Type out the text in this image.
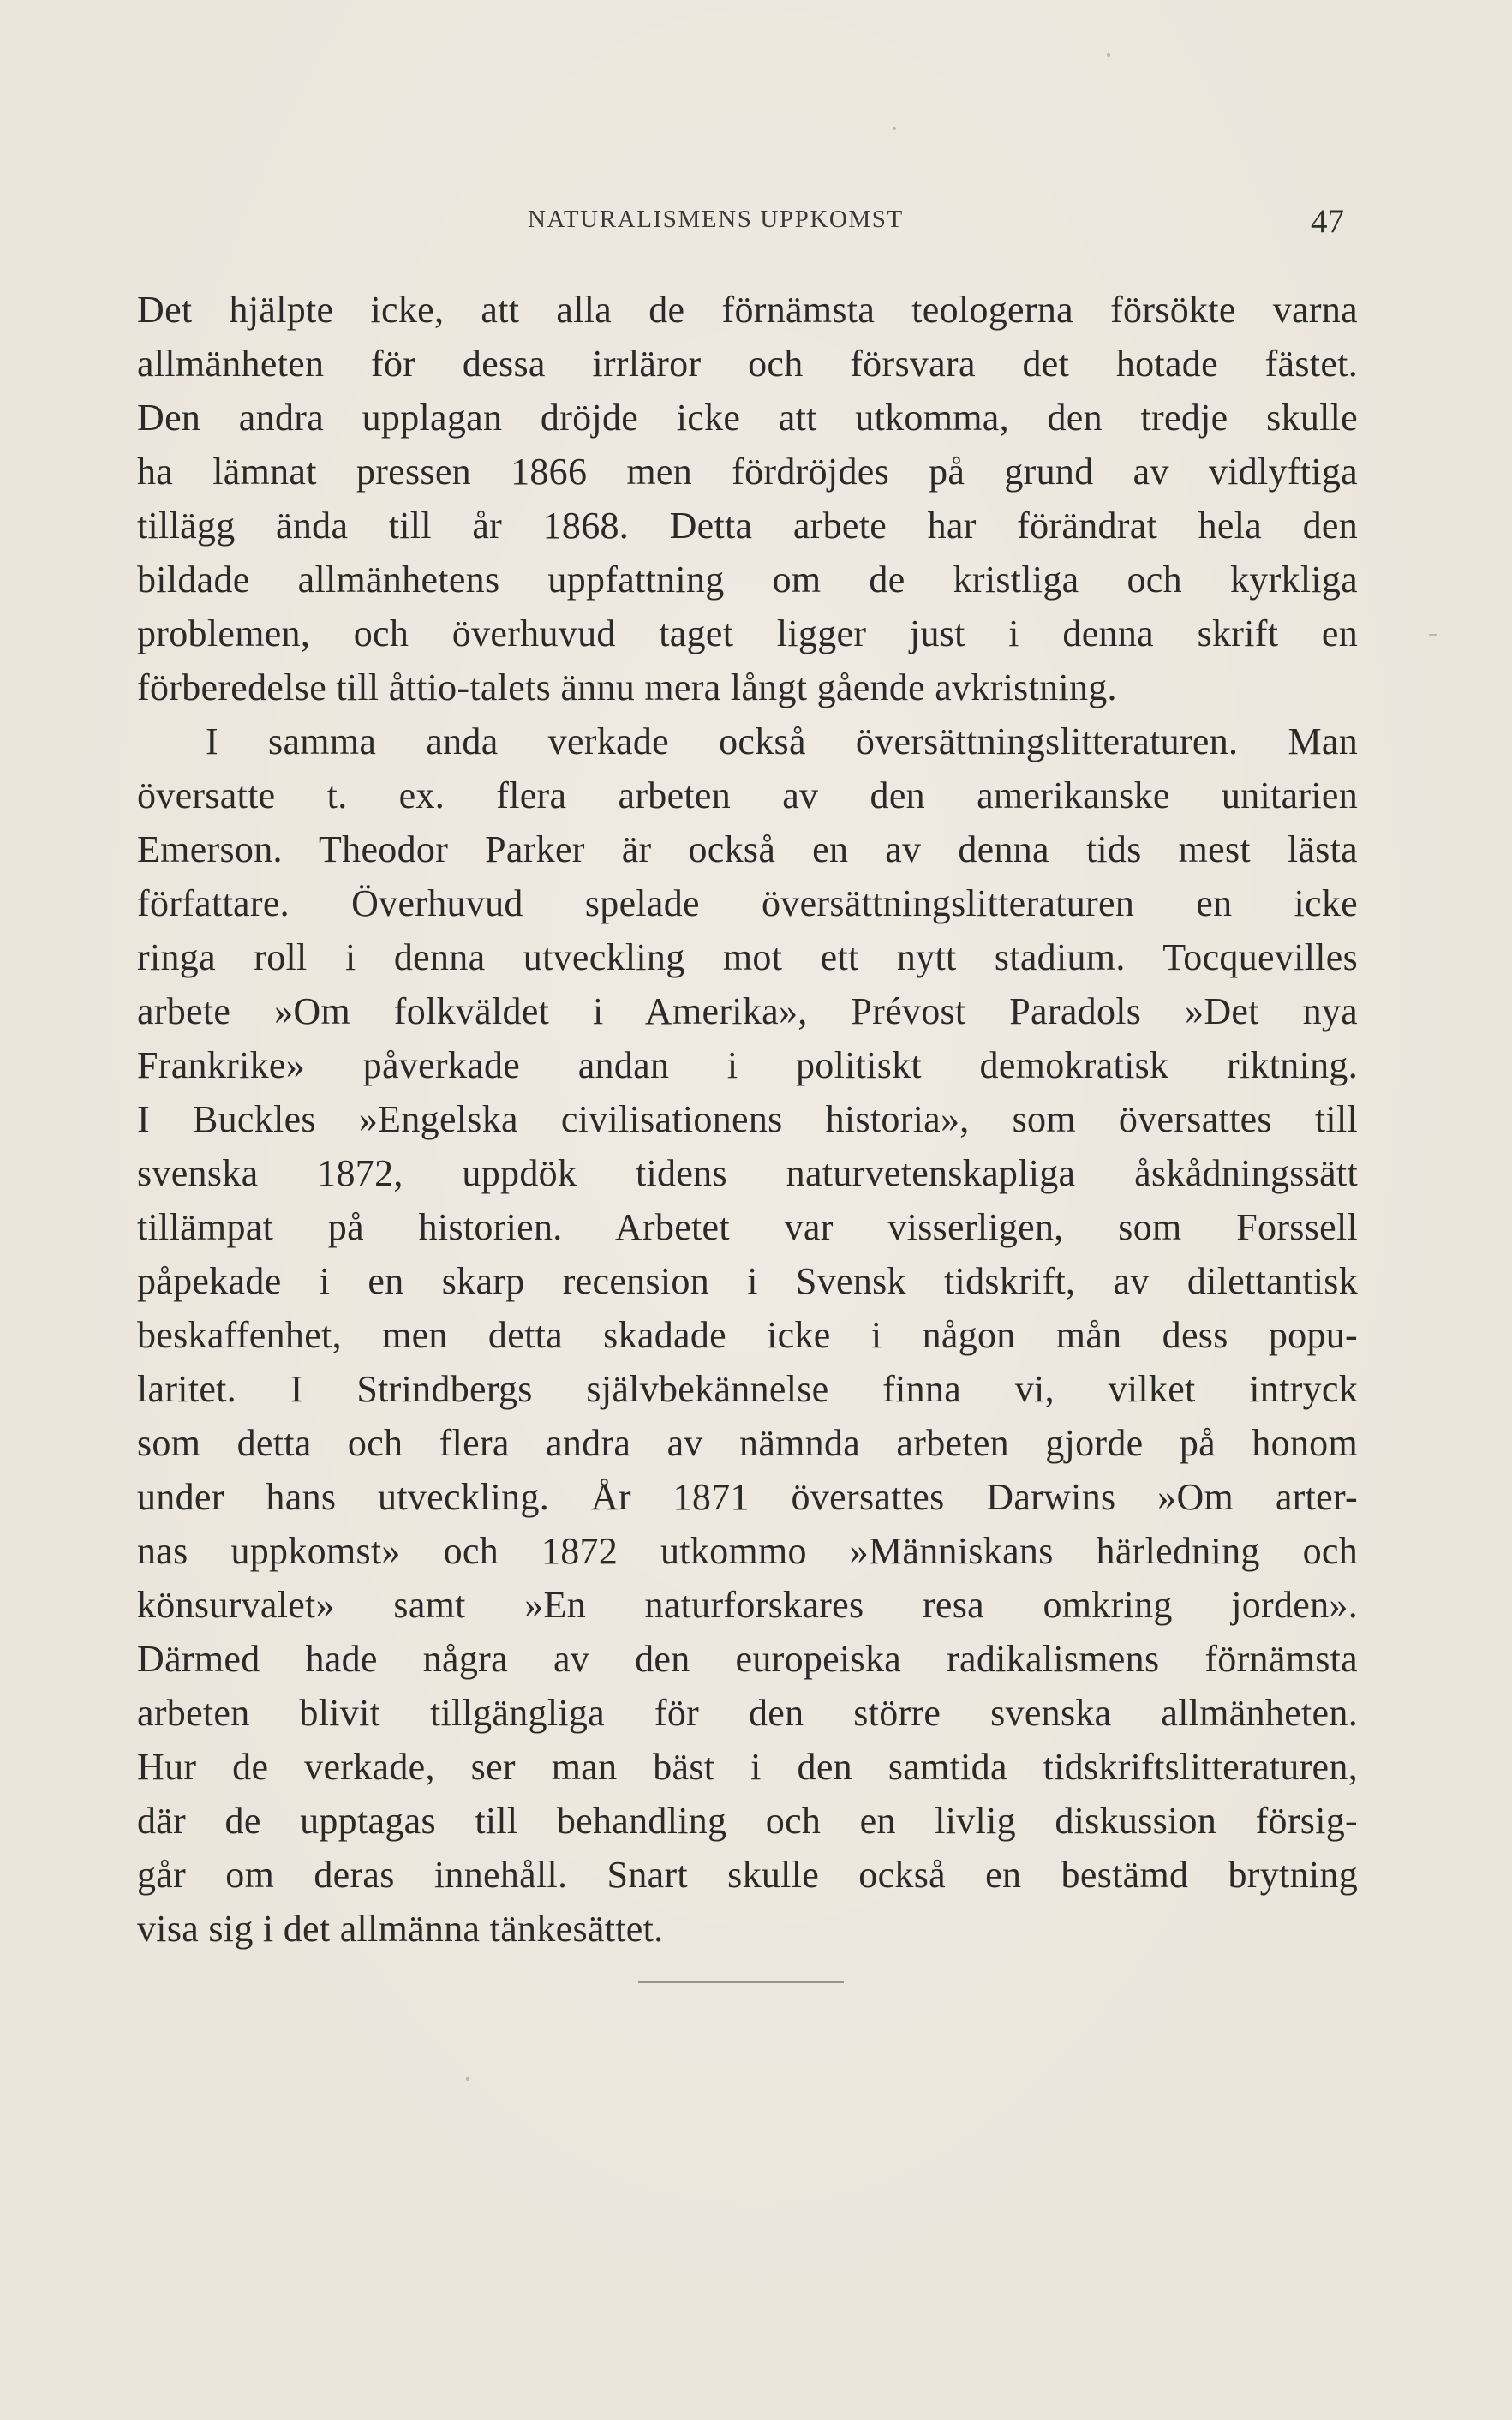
NATURALISMENS UPPKOMST	47
Det hjälpte icke, att alla de förnämsta teologerna försökte varna
allmänheten för dessa irrläror och försvara det hotade fästet.
Den andra upplagan dröjde icke att utkomma, den tredje skulle
ha lämnat pressen 1866 men fördröjdes på grund av vidlyftiga
tillägg ända till år 1868. Detta arbete har förändrat hela den
bildade allmänhetens uppfattning om de kristliga och kyrkliga
problemen, och överhuvud taget ligger just i denna skrift en
förberedelse till åttio-talets ännu mera långt gående avkristning.
I samma anda verkade också översättningslitteraturen. Man
översatte t. ex. flera arbeten av den amerikanske unitarien
Emerson. Theodor Parker är också en av denna tids mest lästa
författare. Överhuvud spelade översättningslitteraturen en icke
ringa roll i denna utveckling mot ett nytt stadium. Tocquevilles
arbete »Om folkväldet i Amerika», Prévost Paradols »Det nya
Frankrike» påverkade andan i politiskt demokratisk riktning.
I Buckles »Engelska civilisationens historia», som översattes till
svenska 1872, uppdök tidens naturvetenskapliga åskådningssätt
tillämpat på historien. Arbetet var visserligen, som Forssell
påpekade i en skarp recension i Svensk tidskrift, av dilettantisk
beskaffenhet, men detta skadade icke i någon mån dess popu-
laritet. I Strindbergs självbekännelse finna vi, vilket intryck
som detta och flera andra av nämnda arbeten gjorde på honom
under hans utveckling. År 1871 översattes Darwins »Om arter-
nas uppkomst» och 1872 utkommo »Människans härledning och
könsurvalet» samt »En naturforskares resa omkring jorden».
Därmed hade några av den europeiska radikalismens förnämsta
arbeten blivit tillgängliga för den större svenska allmänheten.
Hur de verkade, ser man bäst i den samtida tidskriftslitteraturen,
där de upptagas till behandling och en livlig diskussion försig-
går om deras innehåll. Snart skulle också en bestämd brytning
visa sig i det allmänna tänkesättet.
